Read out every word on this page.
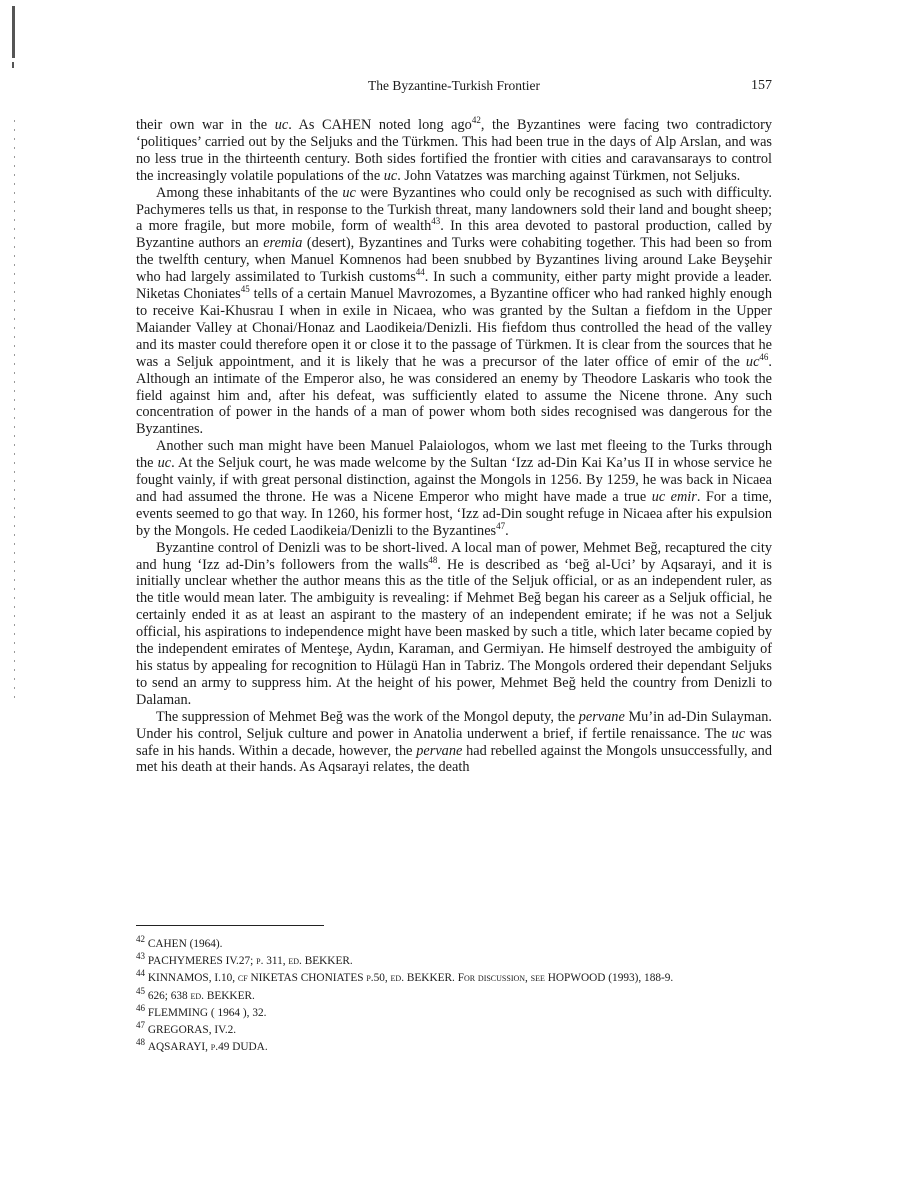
The Byzantine-Turkish Frontier	157

their own war in the uc. As CAHEN noted long ago$^{42}$, the Byzantines were facing two contradictory ‘politiques’ carried out by the Seljuks and the Türkmen. This had been true in the days of Alp Arslan, and was no less true in the thirteenth century. Both sides fortified the frontier with cities and caravansarays to control the increasingly volatile populations of the uc. John Vatatzes was marching against Türkmen, not Seljuks.

Among these inhabitants of the uc were Byzantines who could only be recognised as such with difficulty. Pachymeres tells us that, in response to the Turkish threat, many landowners sold their land and bought sheep; a more fragile, but more mobile, form of wealth$^{43}$. In this area devoted to pastoral production, called by Byzantine authors an eremia (desert), Byzantines and Turks were cohabiting together. This had been so from the twelfth century, when Manuel Komnenos had been snubbed by Byzantines living around Lake Beyşehir who had largely assimilated to Turkish customs$^{44}$. In such a community, either party might provide a leader. Niketas Choniates$^{45}$ tells of a certain Manuel Mavrozomes, a Byzantine officer who had ranked highly enough to receive Kai-Khusrau I when in exile in Nicaea, who was granted by the Sultan a fiefdom in the Upper Maiander Valley at Chonai/Honaz and Laodikeia/Denizli. His fiefdom thus controlled the head of the valley and its master could therefore open it or close it to the passage of Türkmen. It is clear from the sources that he was a Seljuk appointment, and it is likely that he was a precursor of the later office of emir of the $uc^{46}$. Although an intimate of the Emperor also, he was considered an enemy by Theodore Laskaris who took the field against him and, after his defeat, was sufficiently elated to assume the Nicene throne. Any such concentration of power in the hands of a man of power whom both sides recognised was dangerous for the Byzantines.

Another such man might have been Manuel Palaiologos, whom we last met fleeing to the Turks through the uc. At the Seljuk court, he was made welcome by the Sultan ‘Izz ad-Din Kai Ka’us II in whose service he fought vainly, if with great personal distinction, against the Mongols in 1256. By 1259, he was back in Nicaea and had assumed the throne. He was a Nicene Emperor who might have made a true uc emir. For a time, events seemed to go that way. In 1260, his former host, ‘Izz ad-Din sought refuge in Nicaea after his expulsion by the Mongols. He ceded Laodikeia/Denizli to the Byzantines$^{47}$.

Byzantine control of Denizli was to be short-lived. A local man of power, Mehmet Beğ, recaptured the city and hung ‘Izz ad-Din’s followers from the walls$^{48}$. He is described as ‘beğ al-Uci’ by Aqsarayi, and it is initially unclear whether the author means this as the title of the Seljuk official, or as an independent ruler, as the title would mean later. The ambiguity is revealing: if Mehmet Beğ began his career as a Seljuk official, he certainly ended it as at least an aspirant to the mastery of an independent emirate; if he was not a Seljuk official, his aspirations to independence might have been masked by such a title, which later became copied by the independent emirates of Menteşe, Aydın, Karaman, and Germiyan. He himself destroyed the ambiguity of his status by appealing for recognition to Hülagü Han in Tabriz. The Mongols ordered their dependant Seljuks to send an army to suppress him. At the height of his power, Mehmet Beğ held the country from Denizli to Dalaman.

The suppression of Mehmet Beğ was the work of the Mongol deputy, the pervane Mu’in ad-Din Sulayman. Under his control, Seljuk culture and power in Anatolia underwent a brief, if fertile renaissance. The uc was safe in his hands. Within a decade, however, the pervane had rebelled against the Mongols unsuccessfully, and met his death at their hands. As Aqsarayi relates, the death

$^{42}$ CAHEN (1964).
$^{43}$ PACHYMERES IV.27; p. 311, ed. BEKKER.
$^{44}$ KINNAMOS, I.10, cf NIKETAS CHONIATES p.50, ed. BEKKER. For discussion, see HOPWOOD (1993), 188-9.
$^{45}$ 626; 638 ed. BEKKER.
$^{46}$ FLEMMING ( 1964 ), 32.
$^{47}$ GREGORAS, IV.2.
$^{48}$ AQSARAYI, p.49 DUDA.
